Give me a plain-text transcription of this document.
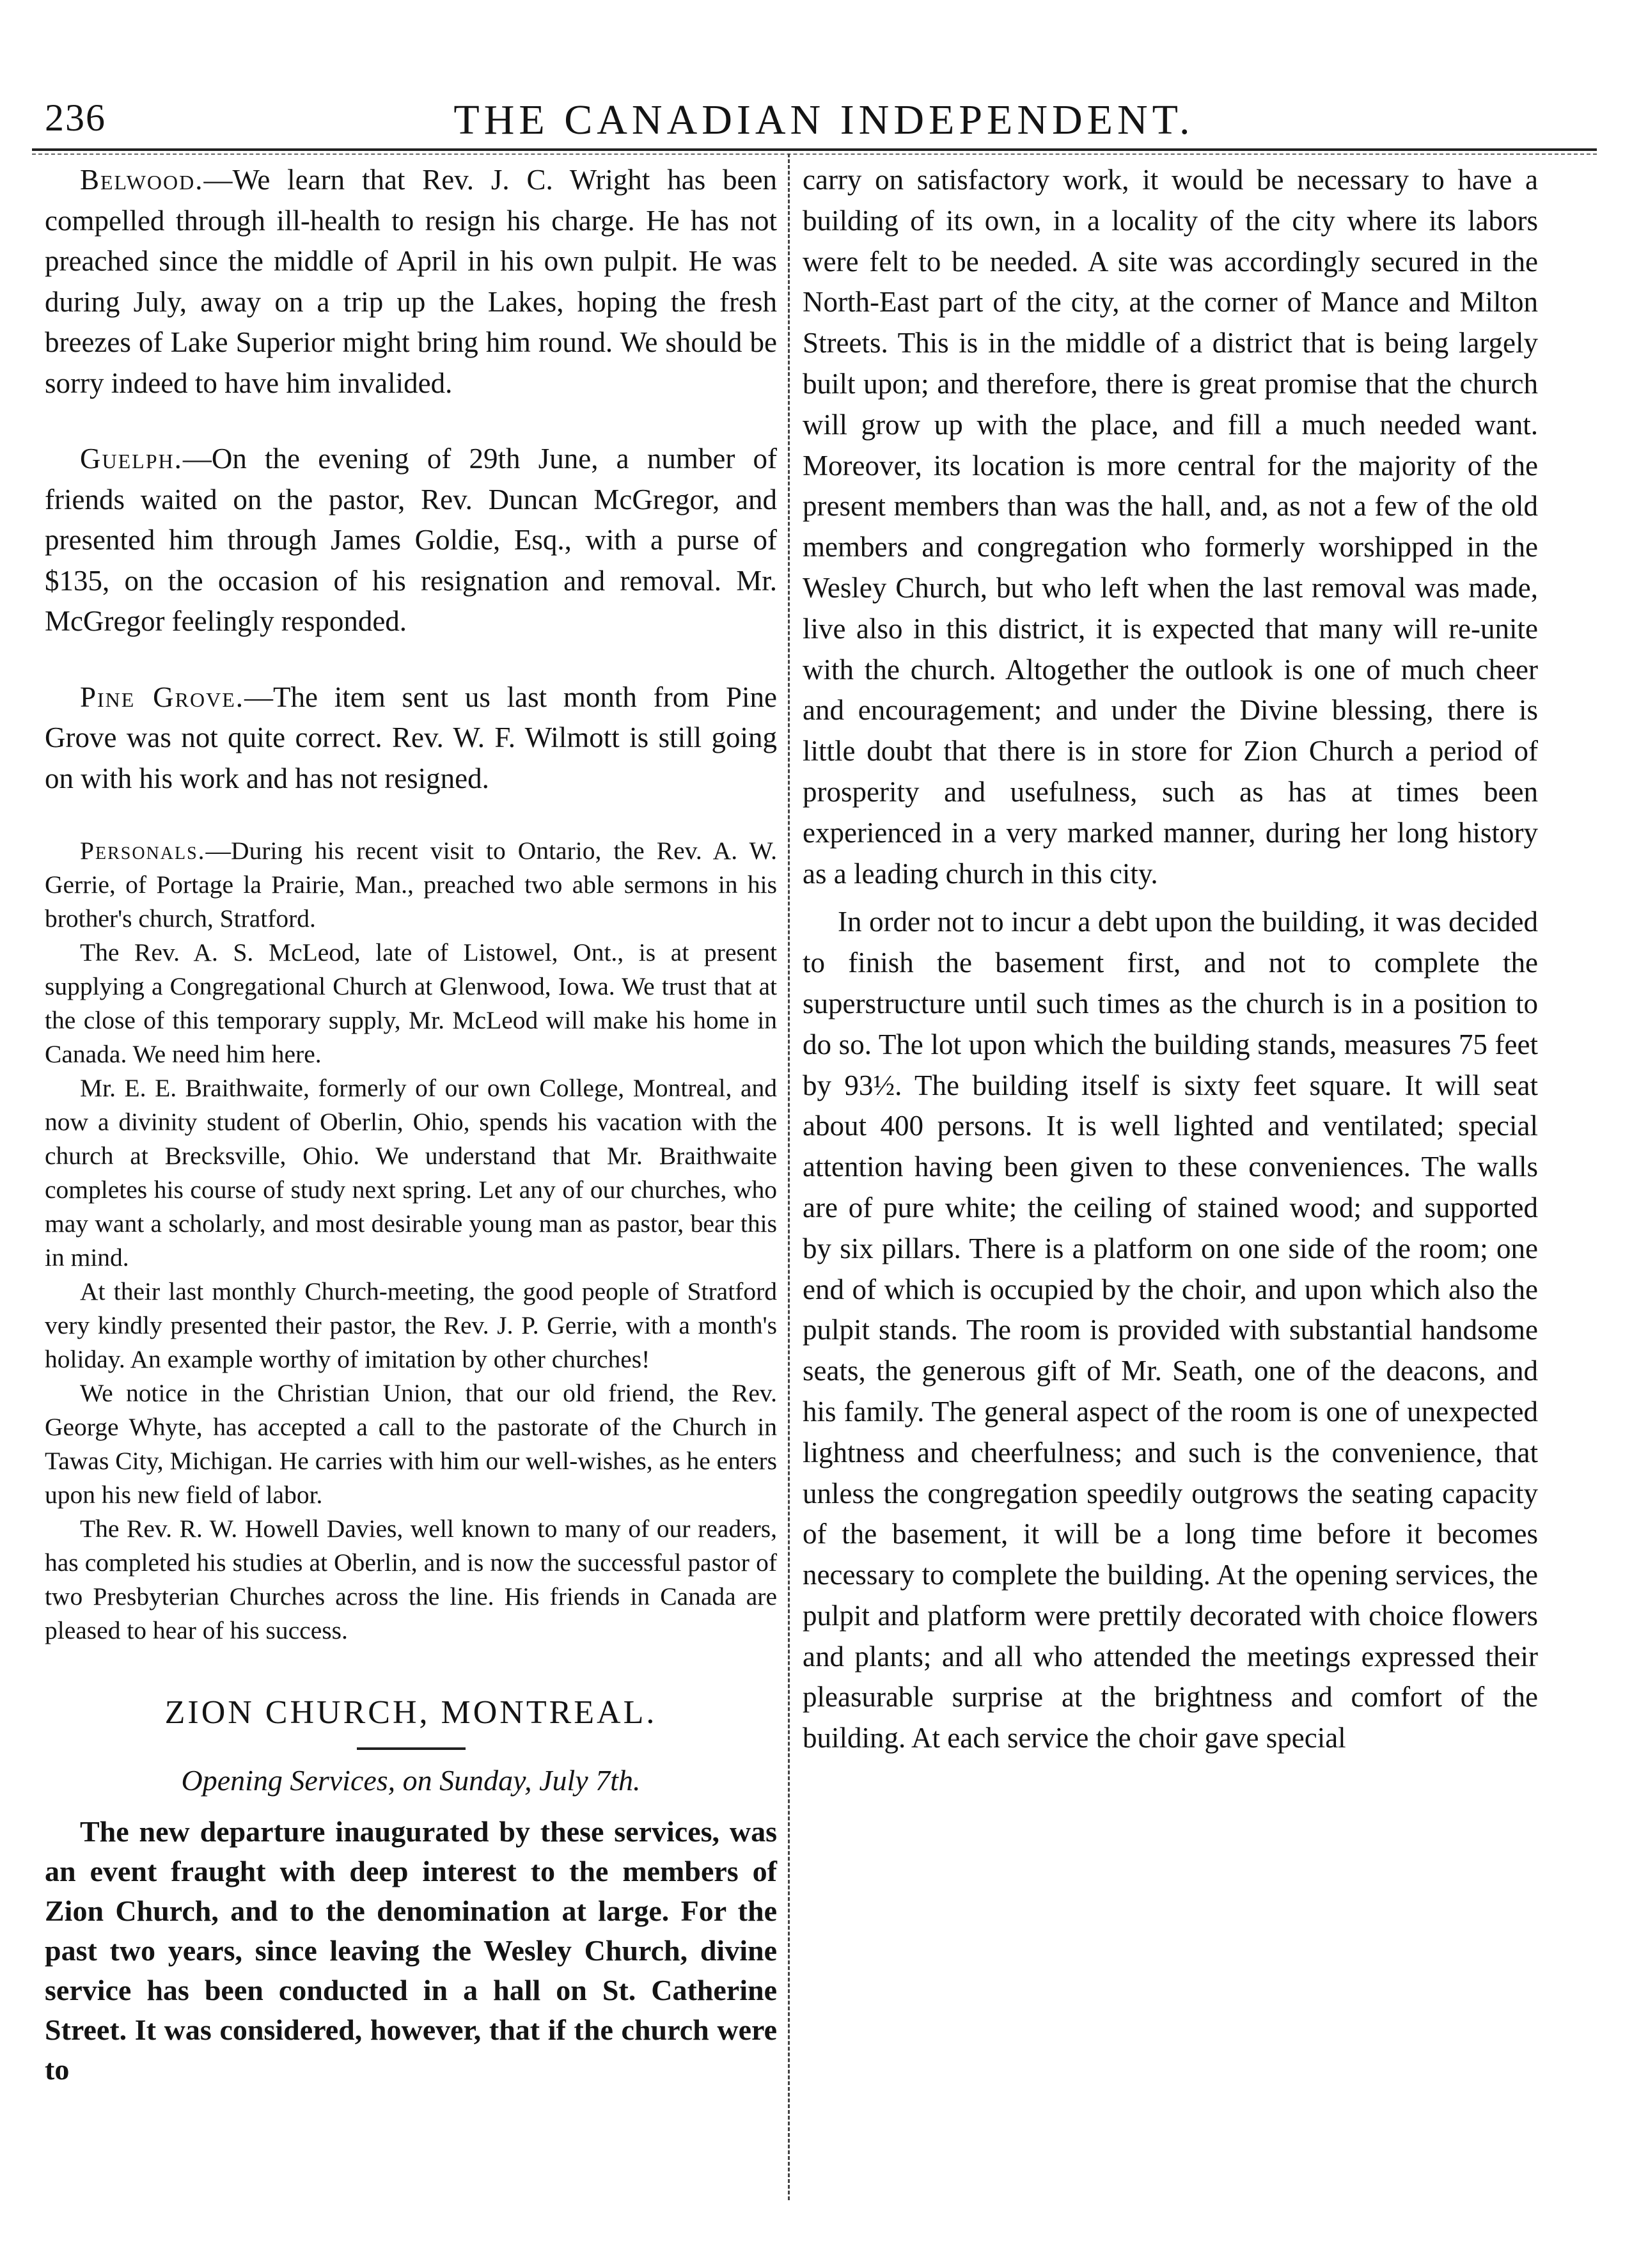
236	THE CANADIAN INDEPENDENT.

Belwood.—We learn that Rev. J. C. Wright has been compelled through ill-health to resign his charge. He has not preached since the middle of April in his own pulpit. He was during July, away on a trip up the Lakes, hoping the fresh breezes of Lake Superior might bring him round. We should be sorry indeed to have him invalided.

Guelph.—On the evening of 29th June, a number of friends waited on the pastor, Rev. Duncan McGregor, and presented him through James Goldie, Esq., with a purse of $135, on the occasion of his resignation and removal. Mr. McGregor feelingly responded.

Pine Grove.—The item sent us last month from Pine Grove was not quite correct. Rev. W. F. Wilmott is still going on with his work and has not resigned.

Personals.—During his recent visit to Ontario, the Rev. A. W. Gerrie, of Portage la Prairie, Man., preached two able sermons in his brother's church, Stratford.

The Rev. A. S. McLeod, late of Listowel, Ont., is at present supplying a Congregational Church at Glenwood, Iowa. We trust that at the close of this temporary supply, Mr. McLeod will make his home in Canada. We need him here.

Mr. E. E. Braithwaite, formerly of our own College, Montreal, and now a divinity student of Oberlin, Ohio, spends his vacation with the church at Brecksville, Ohio. We understand that Mr. Braithwaite completes his course of study next spring. Let any of our churches, who may want a scholarly, and most desirable young man as pastor, bear this in mind.

At their last monthly Church-meeting, the good people of Stratford very kindly presented their pastor, the Rev. J. P. Gerrie, with a month's holiday. An example worthy of imitation by other churches!

We notice in the Christian Union, that our old friend, the Rev. George Whyte, has accepted a call to the pastorate of the Church in Tawas City, Michigan. He carries with him our well-wishes, as he enters upon his new field of labor.

The Rev. R. W. Howell Davies, well known to many of our readers, has completed his studies at Oberlin, and is now the successful pastor of two Presbyterian Churches across the line. His friends in Canada are pleased to hear of his success.

ZION CHURCH, MONTREAL.
Opening Services, on Sunday, July 7th.

The new departure inaugurated by these services, was an event fraught with deep interest to the members of Zion Church, and to the denomination at large. For the past two years, since leaving the Wesley Church, divine service has been conducted in a hall on St. Catherine Street. It was considered, however, that if the church were to

carry on satisfactory work, it would be necessary to have a building of its own, in a locality of the city where its labors were felt to be needed. A site was accordingly secured in the North-East part of the city, at the corner of Mance and Milton Streets. This is in the middle of a district that is being largely built upon; and therefore, there is great promise that the church will grow up with the place, and fill a much needed want. Moreover, its location is more central for the majority of the present members than was the hall, and, as not a few of the old members and congregation who formerly worshipped in the Wesley Church, but who left when the last removal was made, live also in this district, it is expected that many will re-unite with the church. Altogether the outlook is one of much cheer and encouragement; and under the Divine blessing, there is little doubt that there is in store for Zion Church a period of prosperity and usefulness, such as has at times been experienced in a very marked manner, during her long history as a leading church in this city.

In order not to incur a debt upon the building, it was decided to finish the basement first, and not to complete the superstructure until such times as the church is in a position to do so. The lot upon which the building stands, measures 75 feet by 93½. The building itself is sixty feet square. It will seat about 400 persons. It is well lighted and ventilated; special attention having been given to these conveniences. The walls are of pure white; the ceiling of stained wood; and supported by six pillars. There is a platform on one side of the room; one end of which is occupied by the choir, and upon which also the pulpit stands. The room is provided with substantial handsome seats, the generous gift of Mr. Seath, one of the deacons, and his family. The general aspect of the room is one of unexpected lightness and cheerfulness; and such is the convenience, that unless the congregation speedily outgrows the seating capacity of the basement, it will be a long time before it becomes necessary to complete the building. At the opening services, the pulpit and platform were prettily decorated with choice flowers and plants; and all who attended the meetings expressed their pleasurable surprise at the brightness and comfort of the building. At each service the choir gave special
